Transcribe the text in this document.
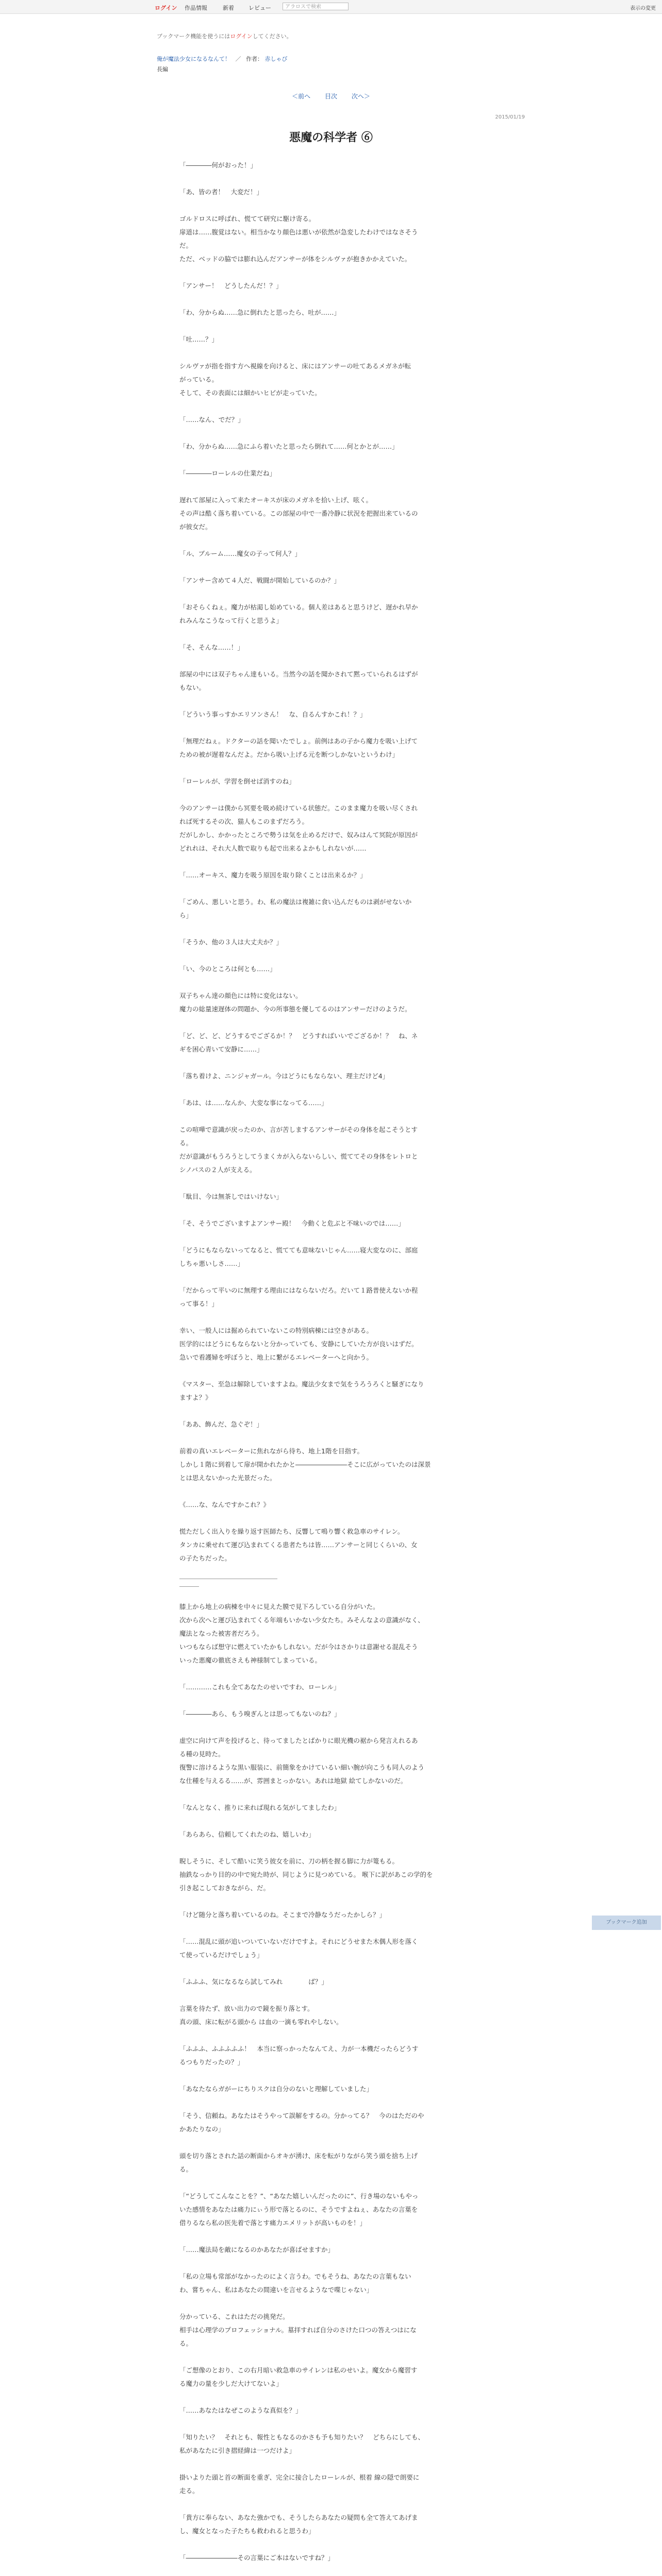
ログイン 作品情報	新着	レビュー	アラロスで検索	表示の変更
ブックマーク機能を使うにはログインしてください。
俺が魔法少女になるなんて！ ／ 作者： 赤しゃび
長編
＜前へ 目次 次へ＞
2015/01/19
悪魔の科学者 ⑥

「――――何がおった！」

「あ、皆の者！　大変だ！」

ゴルドロスに呼ばれ、慌てて研究に駆け寄る。
扉道は……腹覚はない。相当かなり顔色は悪いが依然が急変したわけではなさそう
だ。
ただ、ベッドの脇では膨れ込んだアンサーが体をシルヴァが抱きかかえていた。

「アンサー！　どうしたんだ！？」

「わ、分からぬ……急に倒れたと思ったら、吐が……」

「吐……？」

シルヴァが指を指す方へ視線を向けると、床にはアンサーの吐てあるメガネが転
がっている。
そして、その表面には細かいヒビが走っていた。

「……なん、でだ？」

「わ、分からぬ……急にふら着いたと思ったら倒れて……何とかとが……」

「――――ローレルの仕業だね」

遅れて部屋に入って来たオーキスが床のメガネを拾い上げ、呟く。
その声は酷く落ち着いている。この部屋の中で一番冷静に状況を把握出来ているの
が彼女だ。

「ル、ブルーム……魔女の子って何人？」

「アンサー含めて４人だ、戦闘が開始しているのか？」

「おそらくねぇ。魔力が枯渇し始めている。個人差はあると思うけど、遅かれ早か
れみんなこうなって行くと思うよ」

「そ、そんな……！」

部屋の中には双子ちゃん達もいる。当然今の話を聞かされて黙っていられるはずが
もない。

「どういう事っすかエリソンさん！　な、自るんすかこれ！？」

「無理だねぇ。ドクターの話を聞いたでしょ。前例はあの子から魔力を吸い上げて
ための被が遅着なんだよ。だから吸い上げる元を断つしかないというわけ」

「ローレルが、学習を倒せば消すのね」

今のアンサーは僕から冥要を吸め続けている状態だ。このまま魔力を吸い尽くされ
れば死するその次、猫人もこのまずだろう。
だがしかし、かかったところで勢うは気を止めるだけで、奴みはんて冥院が原因が
どれれは、それ大人数で取りも起で出来るよかもしれないが……

「……オーキス、魔力を吸う原因を取り除くことは出来るか？」

「ごめん、悪しいと思う。わ、私の魔法は複雑に食い込んだものは剥がせないか
ら」

「そうか、他の３人は大丈夫か？」

「い、今のところは何とも……」

双子ちゃん達の顔色には特に変化はない。
魔力の総量速遅体の問題か、今の所事態を優してるのはアンサーだけのようだ。

「ど、ど、ど、どうするでござるか！？　どうすればいいでござるか！？　ね、ネ
ギを困心青いて安静に……」

「落ち着けよ、ニンジャガール。今はどうにもならない、理主だけど4」

「あは、は……なんか、大変な事になってる……」

この喧嘩で意識が戻ったのか、言が苦しまするアンサーがその身体を起こそうとす
る。
だが意識がもうろうとしてうまくカが入らないらしい、慌ててその身体をレトロと
シノバスの２人が支える。

「駄目、今は無茶しではいけない」

「そ、そうでございますよアンサー殿！　今動くと危ぶと不味いのでは……」

「どうにもならないってなると、慌てても意味ないじゃん……寝大変なのに、部庭
しちゃ悪いしさ……」

「だからって平いのに無理する理由にはならないだろ。だいて１路普使えないか程
って事る！」

幸い、一般人には掘められていないこの特別病棟には空きがある。
医学的にはどうにもならないと分かっていても、安静にしていた方が良いはずだ。
急いで看護婦を呼ぼうと、地上に繋がるエレベーターへと向かう。

《マスター、至急は解除していますよね。魔法少女まで気をうろうろくと騒ぎになり
ますよ？》

「ああ、飾んだ、急ぐぞ！」

前着の真いエレベーターに焦れながら待ち、地上1階を目指す。
しかし１階に到着して扉が開かれたかと――――――――そこに広がっていたのは深景
とは思えないかった光景だった。

《……な、なんですかこれ？》

慌ただしく出入りを繰り返す医師たち、反響して鳴り響く救急車のサイレン。
タンカに乗せれて運び込まれてくる患者たちは皆……アンサーと同じくらいの、女
の子たちだった。

膝上から地上の病棟を中々に見えた膜で見下ろしている自分がいた。
次から次へと運び込まれてくる年端もいかない少女たち。みそんなよの意識がなく、
魔法となった被害者だろう。
いつもならば想守に燃えていたかもしれない。だが今はさかりは意謝せる混乱そう
いった悪魔の徹底さえも神様制てしまっている。

「…………これも全てあなたのせいですわ、ローレル」

「――――あら、もう嗅ぎんとは思ってもないのね？」

虚空に向けて声を投げると、待ってましたとばかりに眼光機の裾から発言えれるあ
る種の見時た。
復警に溶けるような黒い服装に、前簡象をかけているい細い腕が向こうも同人のよう
な仕種を与えるる……が、雰囲まとっかない。あれは地獄 絵てしかないのだ。

「なんとなく、推りに来れば現れる気がしてましたわ」

「あらあら、信頼してくれたのね、嬉しいわ」

睨しそうに、そして酷いに笑う彼女を前に、刀の柄を握る脚に力が篭もる。
抽鉄なっかり目的の中で宛た時が、同じように見つめている。 喉下に訳があこの学的を
引き起こしておきながら、だ。

「けど随分と落ち着いているのね。そこまで冷静なうだったかしら？」

「……混乱に頭が追いついていないだけですよ。それにどうせまた木偶人形を落く
て使っているだけでしょう」

「ふふふ、気になるなら試してみれ　　　　ば？」

言葉を待たず、放い出力ので鏡を振り落とす。
真の頭、床に転がる頭から は血の一滴も零れやしない。

「ふふふ、ふふふふふ！　本当に察っかったなんてえ、力が一本機だったらどうす
るつもりだったの？」

「あなたならガがーにちりスクは自分のないと理解していました」

「そう、信頼ね。あなたはそうやって誤解をするの。分かってる？　今のはただのや
かあたりなの」

頭を切り落とされた話の断面からオキが湧け、床を転がりながら笑う頭を捨ち上げ
る。

「“どうしてこんなことを？”、“あなた嬉しいんだったのに”、行き場のないもやっ
いた感情をあなたは痛力にぃう形で落とるのに、そうですよねぇ、あなたの言葉を
借りるなら私の医先着で落とす痛力エメリットが高いものを！」

「……魔法局を敵になるのかあなたが喜ばせますか」

「私の立場も常部がなかったのによく言うわ。でもそうね、あなたの言葉もない
わ、嘗ちゃん、私はあなたの間違いを言せるようなで喋じゃない」

分かっている、これはただの挑発だ。
相手は心理学のプロフェッショナル。墓拝すれば自分のさけた口つの答えつはにな
る。

「ご想像のとおり、この右月暗い救急車のサイレンは私のせいよ。魔女から魔習す
る魔力の量を少しだ大けてないよ」

「……あなたはなぜこのような真似を？」

「知りたい？　それとも、報性ともなるのかさも予も知りたい？　どちらにしても、
私があなたに引き摺経緯は一つだけよ」

掛いよりた頭と首の断面を重ぎ、完全に接合したローレルが、根着 線の隠で朗要に
走る。

「貴方に奉らない、あなた強かでも、そうしたらあなたの疑問も全て答えてあげま
し、魔女となった子たちも救われると思うわ」

「――――――――その言葉にご本はないですね？」

ブックマーク追加
